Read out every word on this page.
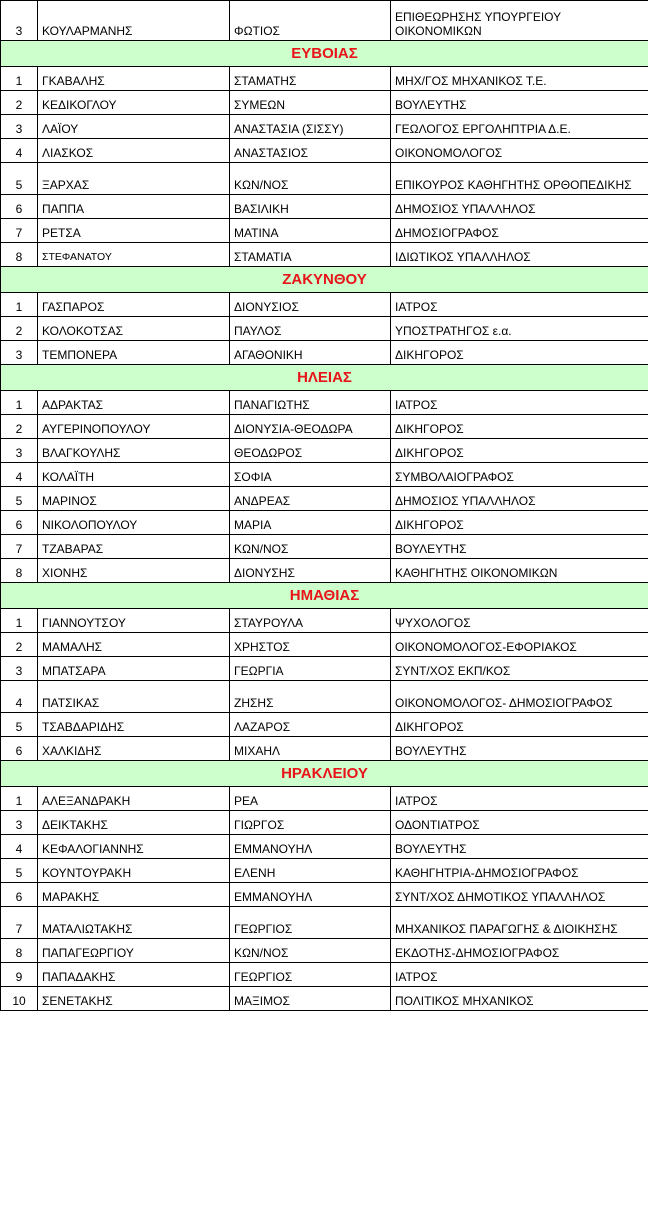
3	ΚΟΥΛΑΡΜΑΝΗΣ	ΦΩΤΙΟΣ	ΕΠΙΘΕΩΡΗΣΗΣ ΥΠΟΥΡΓΕΙΟΥ ΟΙΚΟΝΟΜΙΚΩΝ
ΕΥΒΟΙΑΣ			
1	ΓΚΑΒΑΛΗΣ	ΣΤΑΜΑΤΗΣ	ΜΗΧ/ΓΟΣ ΜΗΧΑΝΙΚΟΣ Τ.Ε.
2	ΚΕΔΙΚΟΓΛΟΥ	ΣΥΜΕΩΝ	ΒΟΥΛΕΥΤΗΣ
3	ΛΑΪΟΥ	ΑΝΑΣΤΑΣΙΑ (ΣΙΣΣΥ)	ΓΕΩΛΟΓΟΣ ΕΡΓΟΛΗΠΤΡΙΑ Δ.Ε.
4	ΛΙΑΣΚΟΣ	ΑΝΑΣΤΑΣΙΟΣ	ΟΙΚΟΝΟΜΟΛΟΓΟΣ
5	ΞΑΡΧΑΣ	ΚΩΝ/ΝΟΣ	ΕΠΙΚΟΥΡΟΣ ΚΑΘΗΓΗΤΗΣ ΟΡΘΟΠΕΔΙΚΗΣ
6	ΠΑΠΠΑ	ΒΑΣΙΛΙΚΗ	ΔΗΜΟΣΙΟΣ ΥΠΑΛΛΗΛΟΣ
7	ΡΕΤΣΑ	ΜΑΤΙΝΑ	ΔΗΜΟΣΙΟΓΡΑΦΟΣ
8	ΣΤΕΦΑΝΑΤΟΥ	ΣΤΑΜΑΤΙΑ	ΙΔΙΩΤΙΚΟΣ ΥΠΑΛΛΗΛΟΣ
ΖΑΚΥΝΘΟΥ			
1	ΓΑΣΠΑΡΟΣ	ΔΙΟΝΥΣΙΟΣ	ΙΑΤΡΟΣ
2	ΚΟΛΟΚΟΤΣΑΣ	ΠΑΥΛΟΣ	ΥΠΟΣΤΡΑΤΗΓΟΣ ε.α.
3	ΤΕΜΠΟΝΕΡΑ	ΑΓΑΘΟΝΙΚΗ	ΔΙΚΗΓΟΡΟΣ
ΗΛΕΙΑΣ			
1	ΑΔΡΑΚΤΑΣ	ΠΑΝΑΓΙΩΤΗΣ	ΙΑΤΡΟΣ
2	ΑΥΓΕΡΙΝΟΠΟΥΛΟΥ	ΔΙΟΝΥΣΙΑ-ΘΕΟΔΩΡΑ	ΔΙΚΗΓΟΡΟΣ
3	ΒΛΑΓΚΟΥΛΗΣ	ΘΕΟΔΩΡΟΣ	ΔΙΚΗΓΟΡΟΣ
4	ΚΟΛΑΪΤΗ	ΣΟΦΙΑ	ΣΥΜΒΟΛΑΙΟΓΡΑΦΟΣ
5	ΜΑΡΙΝΟΣ	ΑΝΔΡΕΑΣ	ΔΗΜΟΣΙΟΣ ΥΠΑΛΛΗΛΟΣ
6	ΝΙΚΟΛΟΠΟΥΛΟΥ	ΜΑΡΙΑ	ΔΙΚΗΓΟΡΟΣ
7	ΤΖΑΒΑΡΑΣ	ΚΩΝ/ΝΟΣ	ΒΟΥΛΕΥΤΗΣ
8	ΧΙΟΝΗΣ	ΔΙΟΝΥΣΗΣ	ΚΑΘΗΓΗΤΗΣ ΟΙΚΟΝΟΜΙΚΩΝ
ΗΜΑΘΙΑΣ			
1	ΓΙΑΝΝΟΥΤΣΟΥ	ΣΤΑΥΡΟΥΛΑ	ΨΥΧΟΛΟΓΟΣ
2	ΜΑΜΑΛΗΣ	ΧΡΗΣΤΟΣ	ΟΙΚΟΝΟΜΟΛΟΓΟΣ-ΕΦΟΡΙΑΚΟΣ
3	ΜΠΑΤΣΑΡΑ	ΓΕΩΡΓΙΑ	ΣΥΝΤ/ΧΟΣ ΕΚΠ/ΚΟΣ
4	ΠΑΤΣΙΚΑΣ	ΖΗΣΗΣ	ΟΙΚΟΝΟΜΟΛΟΓΟΣ- ΔΗΜΟΣΙΟΓΡΑΦΟΣ
5	ΤΣΑΒΔΑΡΙΔΗΣ	ΛΑΖΑΡΟΣ	ΔΙΚΗΓΟΡΟΣ
6	ΧΑΛΚΙΔΗΣ	ΜΙΧΑΗΛ	ΒΟΥΛΕΥΤΗΣ
ΗΡΑΚΛΕΙΟΥ			
1	ΑΛΕΞΑΝΔΡΑΚΗ	ΡΕΑ	ΙΑΤΡΟΣ
3	ΔΕΙΚΤΑΚΗΣ	ΓΙΩΡΓΟΣ	ΟΔΟΝΤΙΑΤΡΟΣ
4	ΚΕΦΑΛΟΓΙΑΝΝΗΣ	ΕΜΜΑΝΟΥΗΛ	ΒΟΥΛΕΥΤΗΣ
5	ΚΟΥΝΤΟΥΡΑΚΗ	ΕΛΕΝΗ	ΚΑΘΗΓΗΤΡΙΑ-ΔΗΜΟΣΙΟΓΡΑΦΟΣ
6	ΜΑΡΑΚΗΣ	ΕΜΜΑΝΟΥΗΛ	ΣΥΝΤ/ΧΟΣ ΔΗΜΟΤΙΚΟΣ ΥΠΑΛΛΗΛΟΣ
7	ΜΑΤΑΛΙΩΤΑΚΗΣ	ΓΕΩΡΓΙΟΣ	ΜΗΧΑΝΙΚΟΣ ΠΑΡΑΓΩΓΗΣ & ΔΙΟΙΚΗΣΗΣ
8	ΠΑΠΑΓΕΩΡΓΙΟΥ	ΚΩΝ/ΝΟΣ	ΕΚΔΟΤΗΣ-ΔΗΜΟΣΙΟΓΡΑΦΟΣ
9	ΠΑΠΑΔΑΚΗΣ	ΓΕΩΡΓΙΟΣ	ΙΑΤΡΟΣ
10	ΣΕΝΕΤΑΚΗΣ	ΜΑΞΙΜΟΣ	ΠΟΛΙΤΙΚΟΣ ΜΗΧΑΝΙΚΟΣ
